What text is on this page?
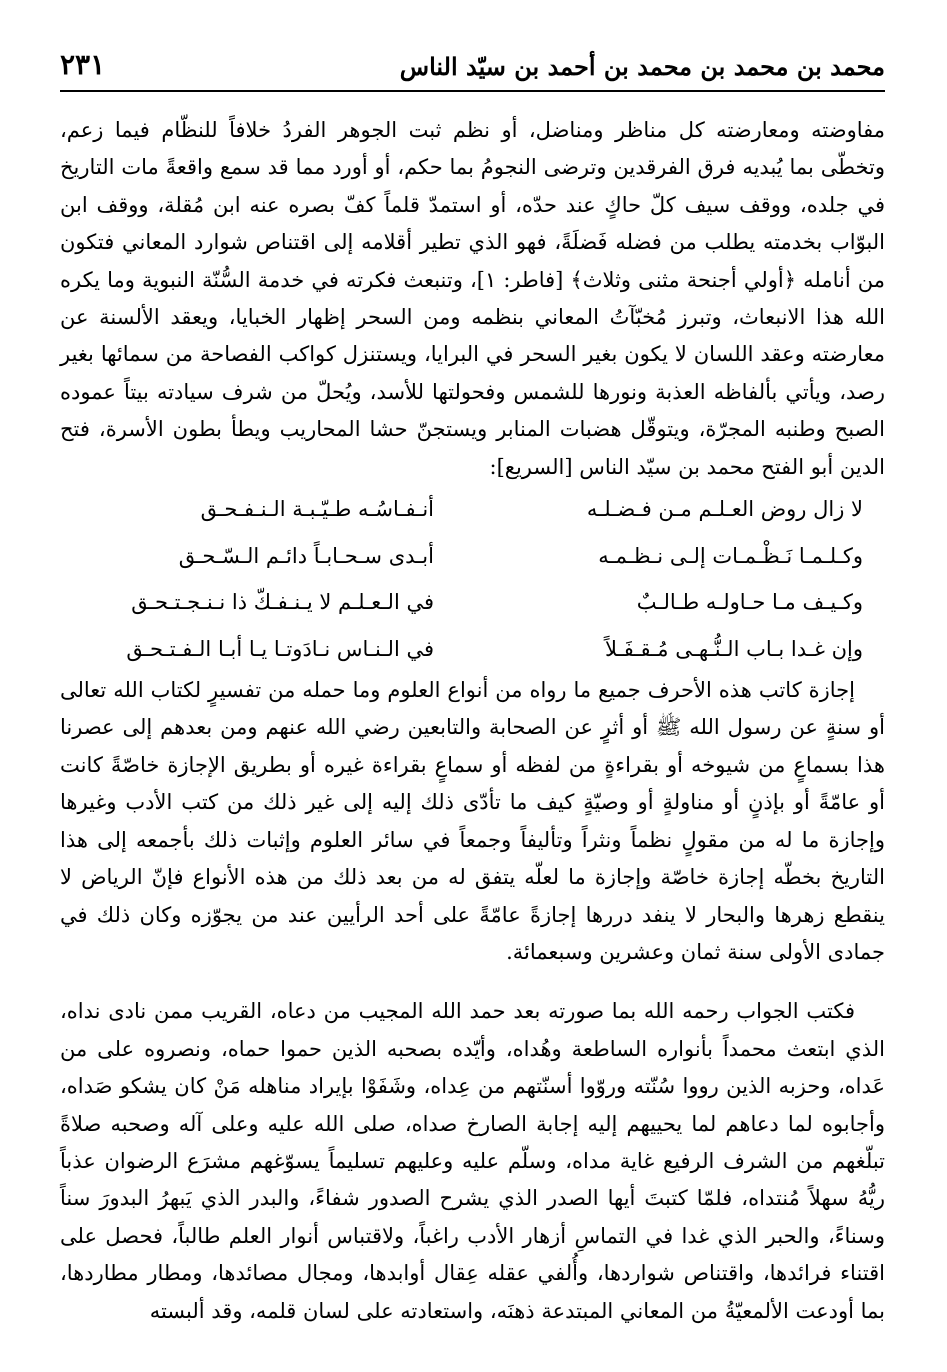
محمد بن محمد بن محمد بن أحمد بن سيّد الناس
٢٣١

مفاوضته ومعارضته كل مناظر ومناضل، أو نظم ثبت الجوهر الفردُ خلافاً للنظّام فيما زعم، وتخطّى بما يُبديه فرق الفرقدين وترضى النجومُ بما حكم، أو أورد مما قد سمع واقعةً مات التاريخ في جلده، ووقف سيف كلّ حاكٍ عند حدّه، أو استمدّ قلماً كفّ بصره عنه ابن مُقلة، ووقف ابن البوّاب بخدمته يطلب من فضله فَضلَةً، فهو الذي تطير أقلامه إلى اقتناص شوارد المعاني فتكون من أنامله ﴿أولي أجنحة مثنى وثلاث﴾ [فاطر: ١]، وتنبعث فكرته في خدمة السُّنّة النبوية وما يكره الله هذا الانبعاث، وتبرز مُخبّآتُ المعاني بنظمه ومن السحر إظهار الخبايا، ويعقد الألسنة عن معارضته وعقد اللسان لا يكون بغير السحر في البرايا، ويستنزل كواكب الفصاحة من سمائها بغير رصد، ويأتي بألفاظه العذبة ونورها للشمس وفحولتها للأسد، ويُحلّ من شرف سيادته بيتاً عموده الصبح وطنبه المجرّة، ويتوقّل هضبات المنابر ويستجنّ حشا المحاريب ويطأ بطون الأسرة، فتح الدين أبو الفتح محمد بن سيّد الناس [السريع]:

لا زال روض العـلـم مـن فـضـلـه
أنـفـاسُـه طـيّـبـة الـنـفـحـق
وكـلـمـا نَـظْـمـات إلـى نـظـمـه
أبـدى سـحـابـاً دائـم الـسّـحـق
وكـيـف مـا حـاولـه طـالـبٌ
في الـعـلـم لا يـنـفـكّ ذا نـنـجـتـحـق
وإن غـدا بـاب الـنُّـهـى مُـقـفَـلاً
في الـنـاس نـادَوتـا يـا أبـا الـفـتـحـق

إجازة كاتب هذه الأحرف جميع ما رواه من أنواع العلوم وما حمله من تفسيرٍ لكتاب الله تعالى أو سنةٍ عن رسول الله ﷺ أو أثرٍ عن الصحابة والتابعين رضي الله عنهم ومن بعدهم إلى عصرنا هذا بسماعٍ من شيوخه أو بقراءةٍ من لفظه أو سماعٍ بقراءة غيره أو بطريق الإجازة خاصّةً كانت أو عامّةً أو بإذنٍ أو مناولةٍ أو وصيّةٍ كيف ما تأدّى ذلك إليه إلى غير ذلك من كتب الأدب وغيرها وإجازة ما له من مقولٍ نظماً ونثراً وتأليفاً وجمعاً في سائر العلوم وإثبات ذلك بأجمعه إلى هذا التاريخ بخطّه إجازة خاصّة وإجازة ما لعلّه يتفق له من بعد ذلك من هذه الأنواع فإنّ الرياض لا ينقطع زهرها والبحار لا ينفد دررها إجازةً عامّةً على أحد الرأيين عند من يجوّزه وكان ذلك في جمادى الأولى سنة ثمان وعشرين وسبعمائة.

فكتب الجواب رحمه الله بما صورته بعد حمد الله المجيب من دعاه، القريب ممن نادى نداه، الذي ابتعث محمداً بأنواره الساطعة وهُداه، وأيّده بصحبه الذين حموا حماه، ونصروه على من عَداه، وحزبه الذين رووا سُنّته وروّوا أسنّتهم من عِداه، وشَفَوْا بإيراد مناهله مَنْ كان يشكو صَداه، وأجابوه لما دعاهم لما يحييهم إليه إجابة الصارخ صداه، صلى الله عليه وعلى آله وصحبه صلاةً تبلّغهم من الشرف الرفيع غاية مداه، وسلّم عليه وعليهم تسليماً يسوّغهم مشرَع الرضوان عذباً ريُّهُ سهلاً مُنتداه، فلمّا كتبتَ أيها الصدر الذي يشرح الصدور شفاءً، والبدر الذي يَبهرُ البدورَ سناً وسناءً، والحبر الذي غدا في التماسِ أزهار الأدب راغباً، ولاقتباس أنوار العلم طالباً، فحصل على اقتناء فرائدها، واقتناص شواردها، وأُلفي عقله عِقال أوابدها، ومجال مصائدها، ومطار مطاردها، بما أودعت الألمعيّةُ من المعاني المبتدعة ذهنَه، واستعادته على لسان قلمه، وقد ألبسته
